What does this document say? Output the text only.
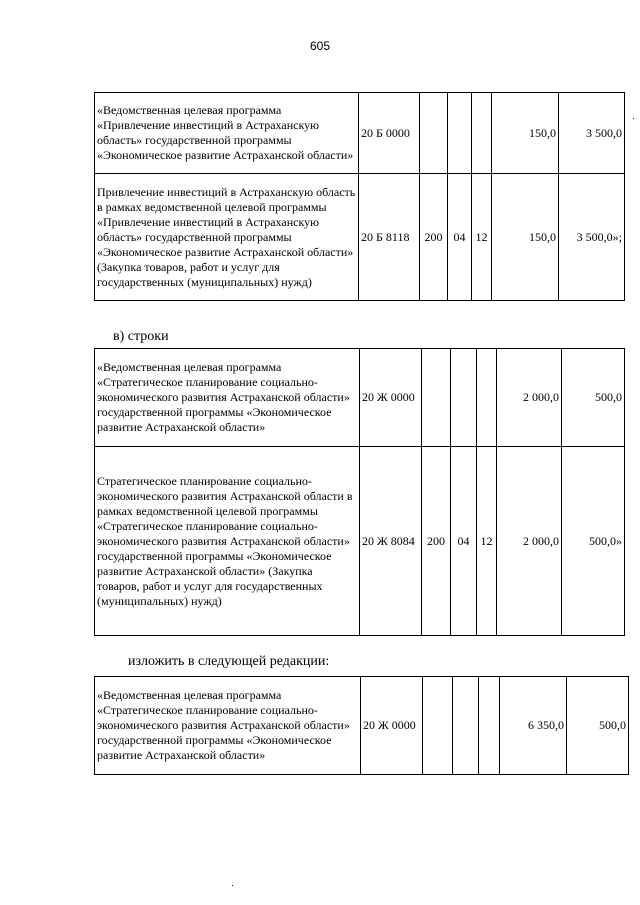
605
«Ведомственная целевая программа «Привлечение инвестиций в Астраханскую область» государственной программы «Экономическое развитие Астраханской области»	20 Б 0000				150,0	3 500,0
Привлечение инвестиций в Астраханскую область в рамках ведомственной целевой программы «Привлечение инвестиций в Астраханскую область» государственной программы «Экономическое развитие Астраханской области» (Закупка товаров, работ и услуг для государственных (муниципальных) нужд)	20 Б 8118	200	04	12	150,0	3 500,0»;
в) строки
«Ведомственная целевая программа «Стратегическое планирование социально-экономического развития Астраханской области» государственной программы «Экономическое развитие Астраханской области»	20 Ж 0000				2 000,0	500,0
Стратегическое планирование социально-экономического развития Астраханской области в рамках ведомственной целевой программы «Стратегическое планирование социально-экономического развития Астраханской области» государственной программы «Экономическое развитие Астраханской области» (Закупка товаров, работ и услуг для государственных (муниципальных) нужд)	20 Ж 8084	200	04	12	2 000,0	500,0»
изложить в следующей редакции:
«Ведомственная целевая программа «Стратегическое планирование социально-экономического развития Астраханской области» государственной программы «Экономическое развитие Астраханской области»	20 Ж 0000				6 350,0	500,0
